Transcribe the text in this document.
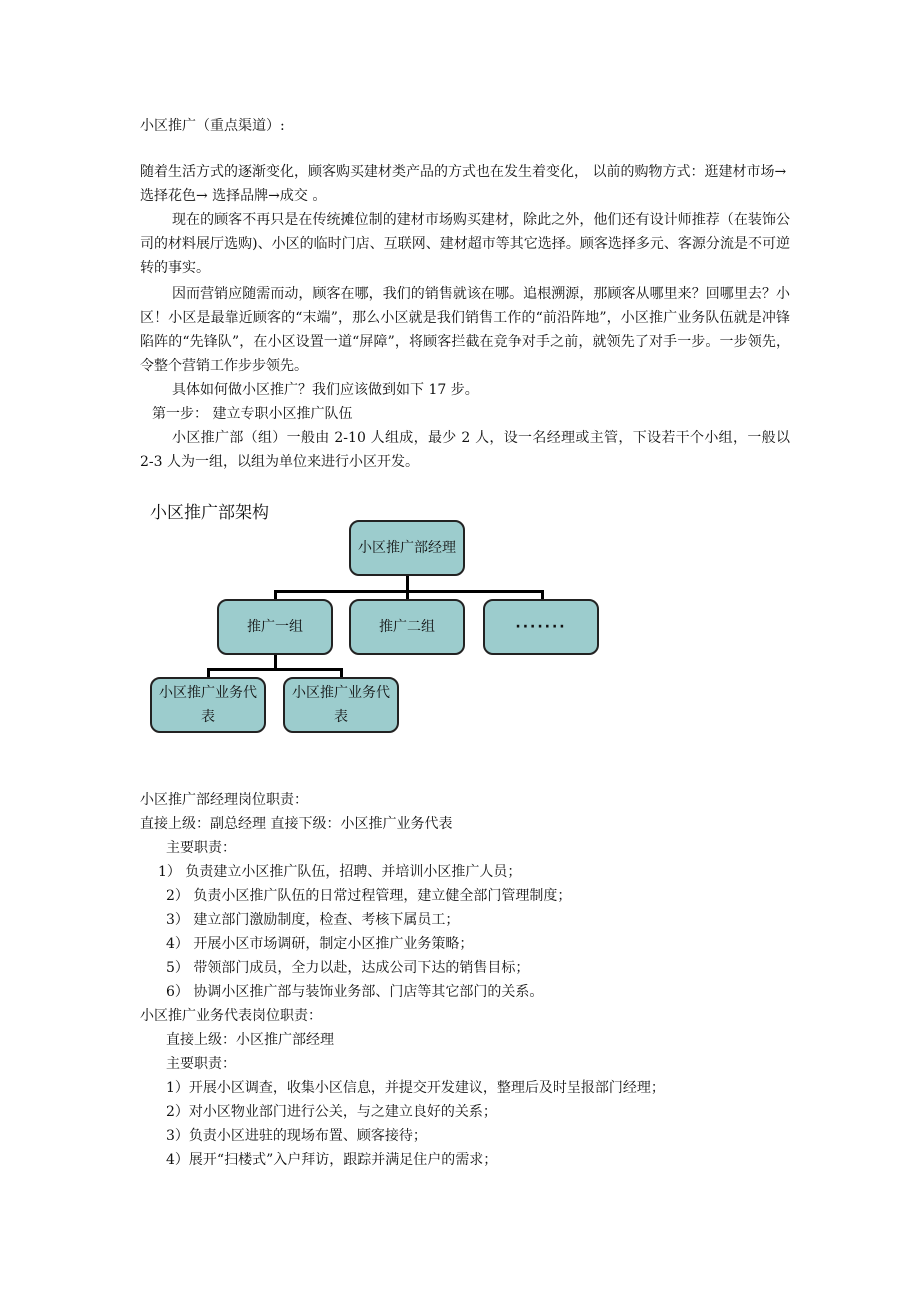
小区推广（重点渠道）:
随着生活方式的逐渐变化，顾客购买建材类产品的方式也在发生着变化， 以前的购物方式：逛建材市场→
选择花色→ 选择品牌→成交 。
现在的顾客不再只是在传统摊位制的建材市场购买建材，除此之外，他们还有设计师推荐（在装饰公司的材料展厅选购)、小区的临时门店、互联网、建材超市等其它选择。顾客选择多元、客源分流是不可逆转的事实。
因而营销应随需而动，顾客在哪，我们的销售就该在哪。追根溯源，那顾客从哪里来？回哪里去？小区！小区是最靠近顾客的“末端”，那么小区就是我们销售工作的“前沿阵地”，小区推广业务队伍就是冲锋陷阵的“先锋队”，在小区设置一道“屏障”，将顾客拦截在竞争对手之前，就领先了对手一步。一步领先，令整个营销工作步步领先。
具体如何做小区推广？我们应该做到如下 17 步。
第一步： 建立专职小区推广队伍
小区推广部（组）一般由 2-10 人组成，最少 2 人，设一名经理或主管，下设若干个小组，一般以 2-3 人为一组，以组为单位来进行小区开发。
小区推广部架构
小区推广部经理
推广一组	推广二组	·······
小区推广业务代表
小区推广业务代表
小区推广部经理岗位职责：
直接上级：副总经理 直接下级：小区推广业务代表
主要职责：
1） 负责建立小区推广队伍，招聘、并培训小区推广人员；
2） 负责小区推广队伍的日常过程管理，建立健全部门管理制度；
3） 建立部门激励制度，检查、考核下属员工；
4） 开展小区市场调研，制定小区推广业务策略；
5） 带领部门成员，全力以赴，达成公司下达的销售目标；
6） 协调小区推广部与装饰业务部、门店等其它部门的关系。
小区推广业务代表岗位职责：
直接上级：小区推广部经理
主要职责：
1）开展小区调查，收集小区信息，并提交开发建议，整理后及时呈报部门经理；
2）对小区物业部门进行公关，与之建立良好的关系；
3）负责小区进驻的现场布置、顾客接待；
4）展开“扫楼式”入户拜访，跟踪并满足住户的需求；
